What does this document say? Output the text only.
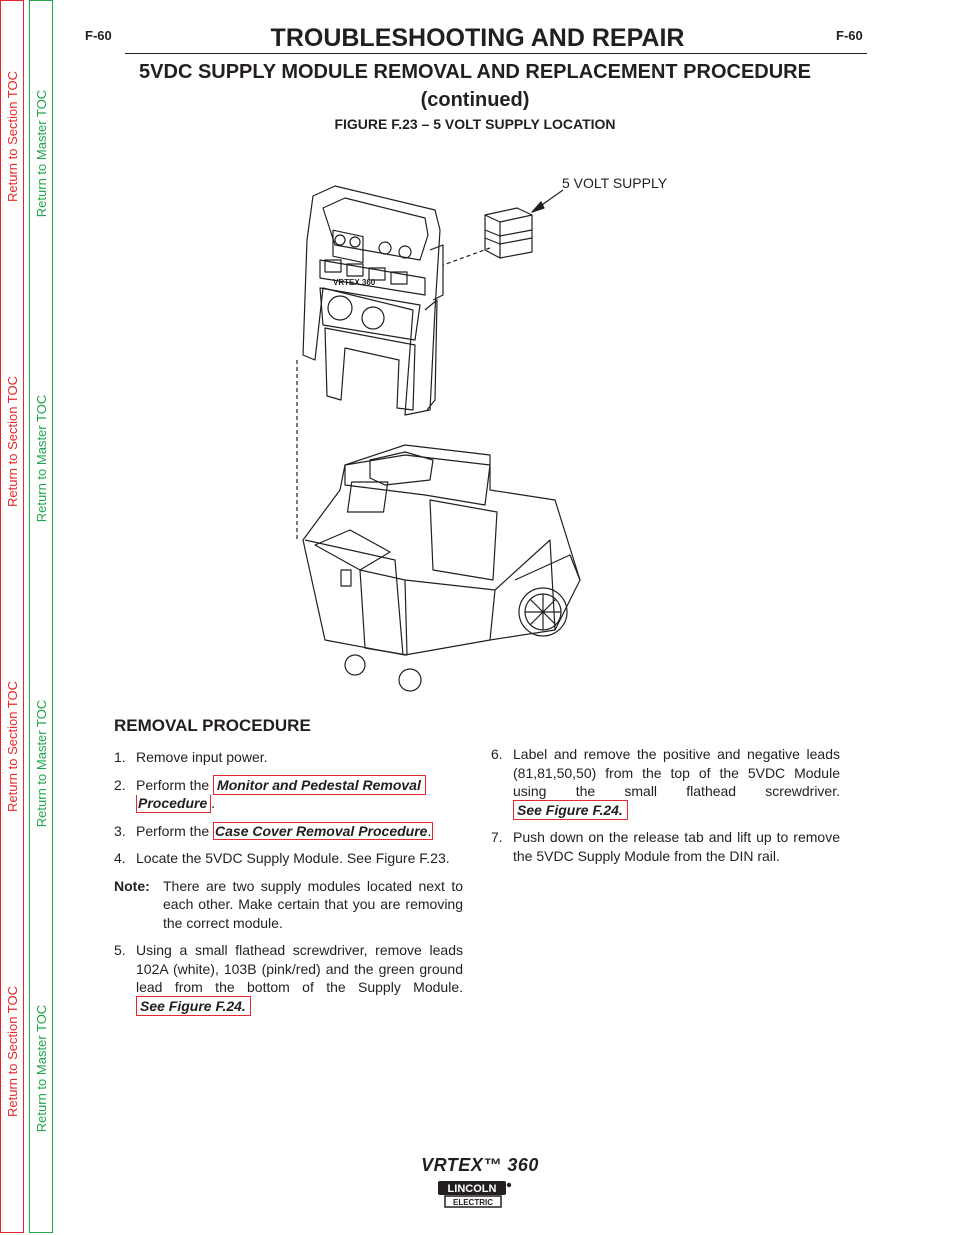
Return to Section TOC
Return to Section TOC
Return to Section TOC
Return to Section TOC
Return to Master TOC
Return to Master TOC
Return to Master TOC
Return to Master TOC
F-60	F-60
TROUBLESHOOTING AND REPAIR
5VDC SUPPLY MODULE REMOVAL AND REPLACEMENT PROCEDURE
(continued)
FIGURE F.23 – 5 VOLT SUPPLY LOCATION
5 VOLT SUPPLY
VRTEX 360
REMOVAL PROCEDURE
1. Remove input power.
2. Perform the Monitor and Pedestal Removal
Procedure .
3. Perform the Case Cover Removal Procedure.
4. Locate the 5VDC Supply Module. See Figure F.23.
Note: There are two supply modules located next to each other. Make certain that you are removing the correct module.
5. Using a small flathead screwdriver, remove leads 102A (white), 103B (pink/red) and the green ground lead from the bottom of the Supply Module. See Figure F.24.
6. Label and remove the positive and negative leads (81,81,50,50) from the top of the 5VDC Module using the small flathead screwdriver. See Figure F.24.
7. Push down on the release tab and lift up to remove the 5VDC Supply Module from the DIN rail.
VRTEX™ 360
LINCOLN
ELECTRIC
